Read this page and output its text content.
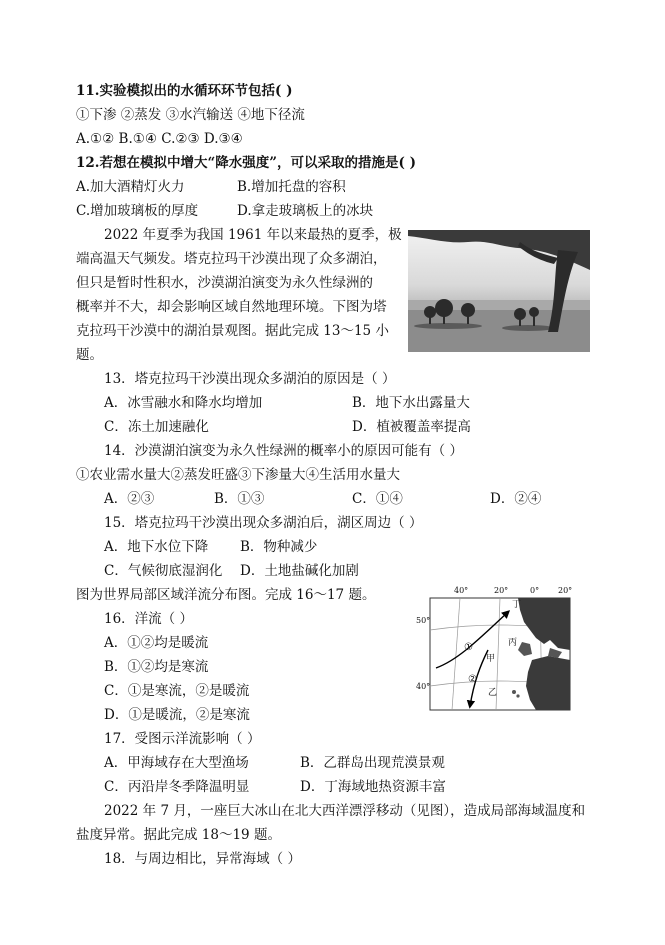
11.实验模拟出的水循环环节包括( )
①下渗 ②蒸发 ③水汽输送 ④地下径流
A.①② B.①④ C.②③ D.③④
12.若想在模拟中增大“降水强度”，可以采取的措施是( )
A.加大酒精灯火力	B.增加托盘的容积
C.增加玻璃板的厚度	D.拿走玻璃板上的冰块
2022 年夏季为我国 1961 年以来最热的夏季，极
端高温天气频发。塔克拉玛干沙漠出现了众多湖泊，
但只是暂时性积水，沙漠湖泊演变为永久性绿洲的
概率并不大，却会影响区域自然地理环境。下图为塔
克拉玛干沙漠中的湖泊景观图。据此完成 13～15 小
题。
13．塔克拉玛干沙漠出现众多湖泊的原因是（ ）
A．冰雪融水和降水均增加	B．地下水出露量大
C．冻土加速融化	D．植被覆盖率提高
14．沙漠湖泊演变为永久性绿洲的概率小的原因可能有（ ）
①农业需水量大②蒸发旺盛③下渗量大④生活用水量大
A．②③	B．①③	C．①④	D．②④
15．塔克拉玛干沙漠出现众多湖泊后，湖区周边（ ）
A．地下水位下降 B．物种减少
C．气候彻底湿润化 D．土地盐碱化加剧
图为世界局部区域洋流分布图。完成 16～17 题。
16．洋流（ ）
A．①②均是暖流
B．①②均是寒流
C．①是寒流，②是暖流
D．①是暖流，②是寒流
40°	20°	0° 20°
50°
40°
①
②
甲
乙
丙
丁
17．受图示洋流影响（ ）
A．甲海域存在大型渔场	B．乙群岛出现荒漠景观
C．丙沿岸冬季降温明显	D．丁海域地热资源丰富
2022 年 7 月，一座巨大冰山在北大西洋漂浮移动（见图），造成局部海域温度和
盐度异常。据此完成 18～19 题。
18．与周边相比，异常海域（ ）
